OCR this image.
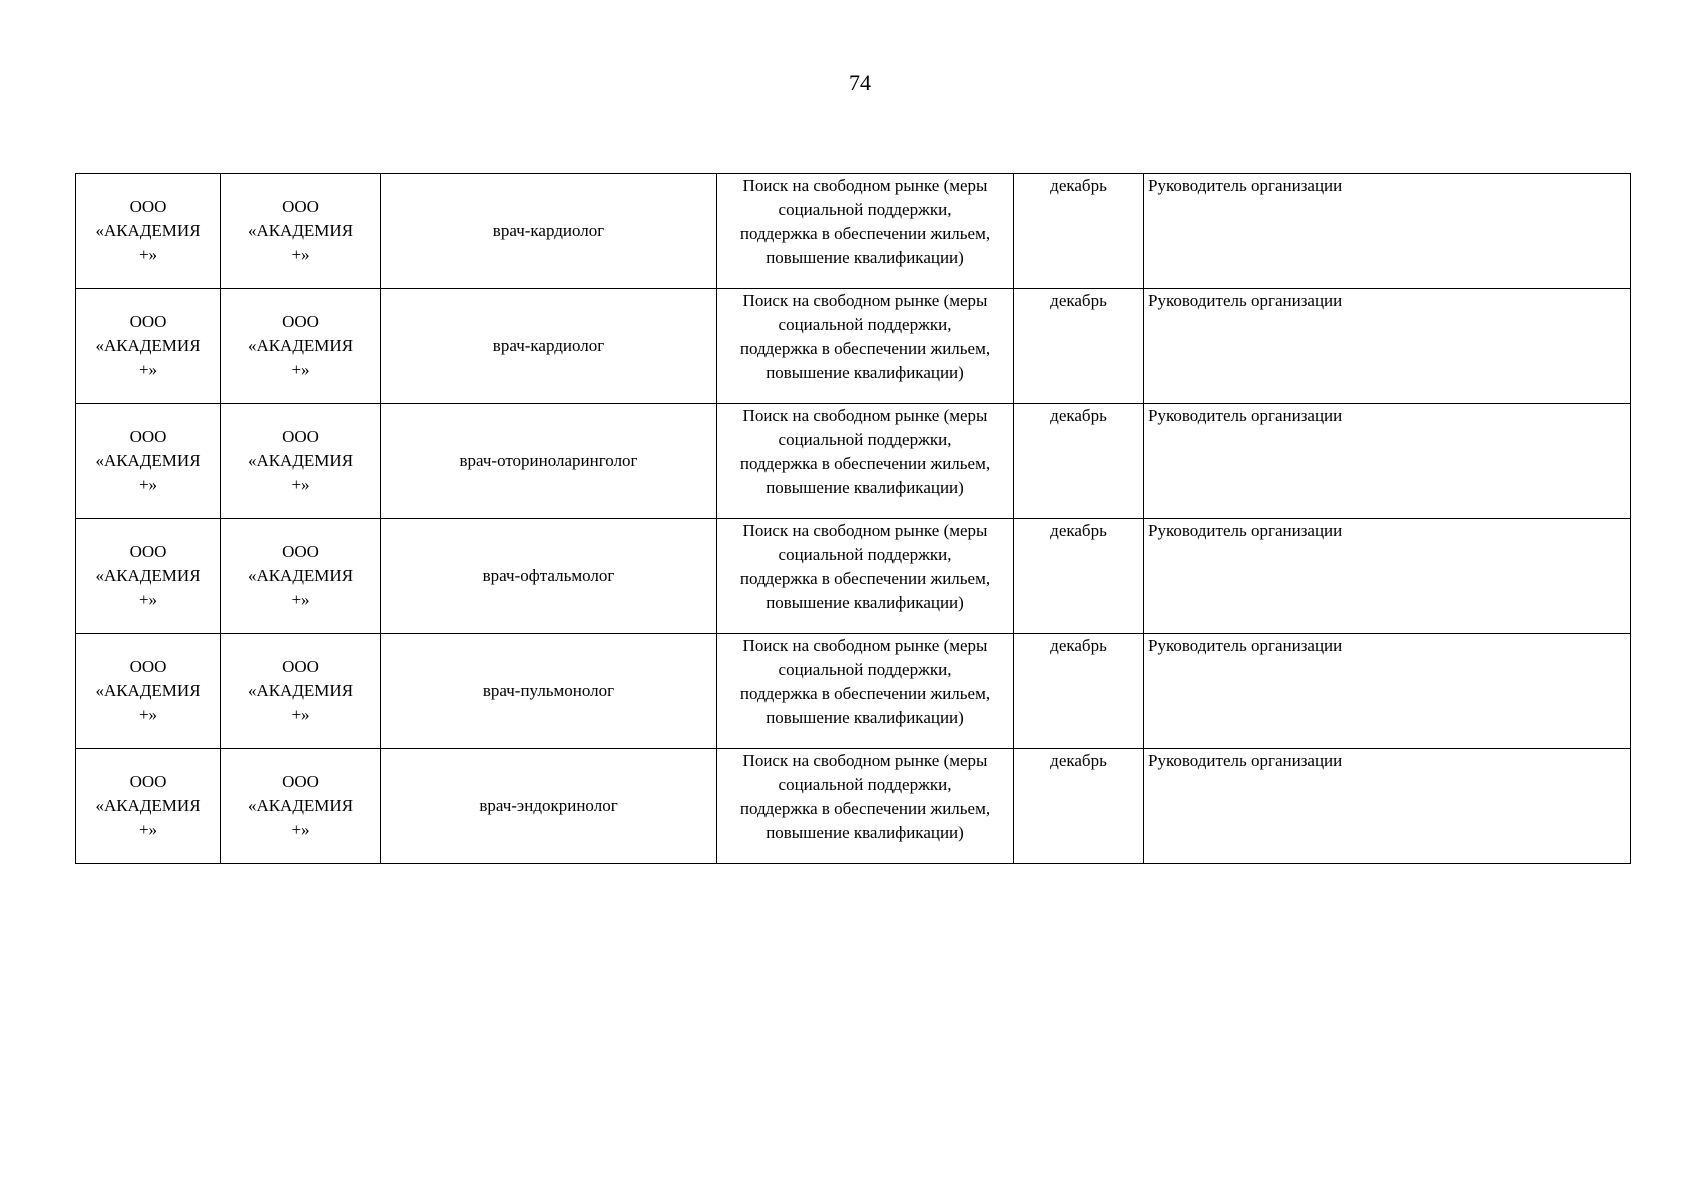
74
ООО
«АКАДЕМИЯ
+»	ООО
«АКАДЕМИЯ
+»	врач-кардиолог	Поиск на свободном рынке (меры
социальной поддержки,
поддержка в обеспечении жильем,
повышение квалификации)	декабрь	Руководитель организации

ООО
«АКАДЕМИЯ
+»	ООО
«АКАДЕМИЯ
+»	врач-кардиолог	Поиск на свободном рынке (меры
социальной поддержки,
поддержка в обеспечении жильем,
повышение квалификации)	декабрь	Руководитель организации

ООО
«АКАДЕМИЯ
+»	ООО
«АКАДЕМИЯ
+»	врач-оториноларинголог	Поиск на свободном рынке (меры
социальной поддержки,
поддержка в обеспечении жильем,
повышение квалификации)	декабрь	Руководитель организации

ООО
«АКАДЕМИЯ
+»	ООО
«АКАДЕМИЯ
+»	врач-офтальмолог	Поиск на свободном рынке (меры
социальной поддержки,
поддержка в обеспечении жильем,
повышение квалификации)	декабрь	Руководитель организации

ООО
«АКАДЕМИЯ
+»	ООО
«АКАДЕМИЯ
+»	врач-пульмонолог	Поиск на свободном рынке (меры
социальной поддержки,
поддержка в обеспечении жильем,
повышение квалификации)	декабрь	Руководитель организации

ООО
«АКАДЕМИЯ
+»	ООО
«АКАДЕМИЯ
+»	врач-эндокринолог	Поиск на свободном рынке (меры
социальной поддержки,
поддержка в обеспечении жильем,
повышение квалификации)	декабрь	Руководитель организации
